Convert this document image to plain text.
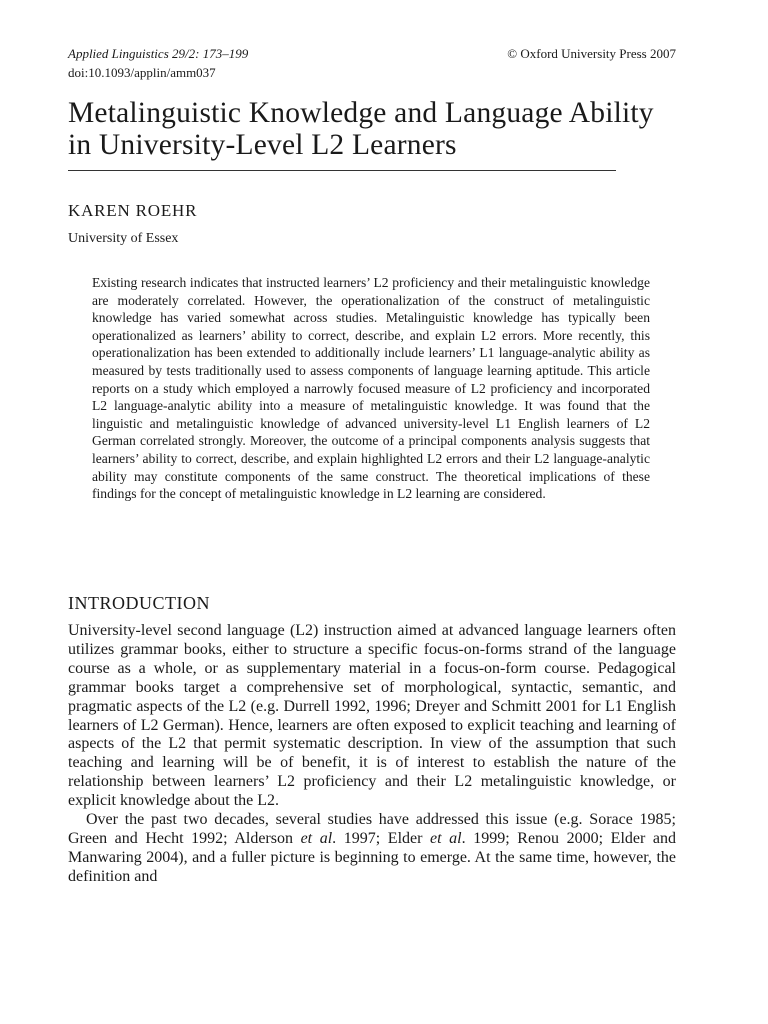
Applied Linguistics 29/2: 173–199
doi:10.1093/applin/amm037
© Oxford University Press 2007
Metalinguistic Knowledge and Language Ability in University-Level L2 Learners
KAREN ROEHR
University of Essex

Existing research indicates that instructed learners’ L2 proficiency and their metalinguistic knowledge are moderately correlated. However, the operationalization of the construct of metalinguistic knowledge has varied somewhat across studies. Metalinguistic knowledge has typically been operationalized as learners’ ability to correct, describe, and explain L2 errors. More recently, this operationalization has been extended to additionally include learners’ L1 language-analytic ability as measured by tests traditionally used to assess components of language learning aptitude. This article reports on a study which employed a narrowly focused measure of L2 proficiency and incorporated L2 language-analytic ability into a measure of metalinguistic knowledge. It was found that the linguistic and metalinguistic knowledge of advanced university-level L1 English learners of L2 German correlated strongly. Moreover, the outcome of a principal components analysis suggests that learners’ ability to correct, describe, and explain highlighted L2 errors and their L2 language-analytic ability may constitute components of the same construct. The theoretical implications of these findings for the concept of metalinguistic knowledge in L2 learning are considered.

INTRODUCTION

University-level second language (L2) instruction aimed at advanced language learners often utilizes grammar books, either to structure a specific focus-on-forms strand of the language course as a whole, or as supplementary material in a focus-on-form course. Pedagogical grammar books target a comprehensive set of morphological, syntactic, semantic, and pragmatic aspects of the L2 (e.g. Durrell 1992, 1996; Dreyer and Schmitt 2001 for L1 English learners of L2 German). Hence, learners are often exposed to explicit teaching and learning of aspects of the L2 that permit systematic description. In view of the assumption that such teaching and learning will be of benefit, it is of interest to establish the nature of the relationship between learners’ L2 proficiency and their L2 metalinguistic knowledge, or explicit knowledge about the L2.

Over the past two decades, several studies have addressed this issue (e.g. Sorace 1985; Green and Hecht 1992; Alderson et al. 1997; Elder et al. 1999; Renou 2000; Elder and Manwaring 2004), and a fuller picture is beginning to emerge. At the same time, however, the definition and
